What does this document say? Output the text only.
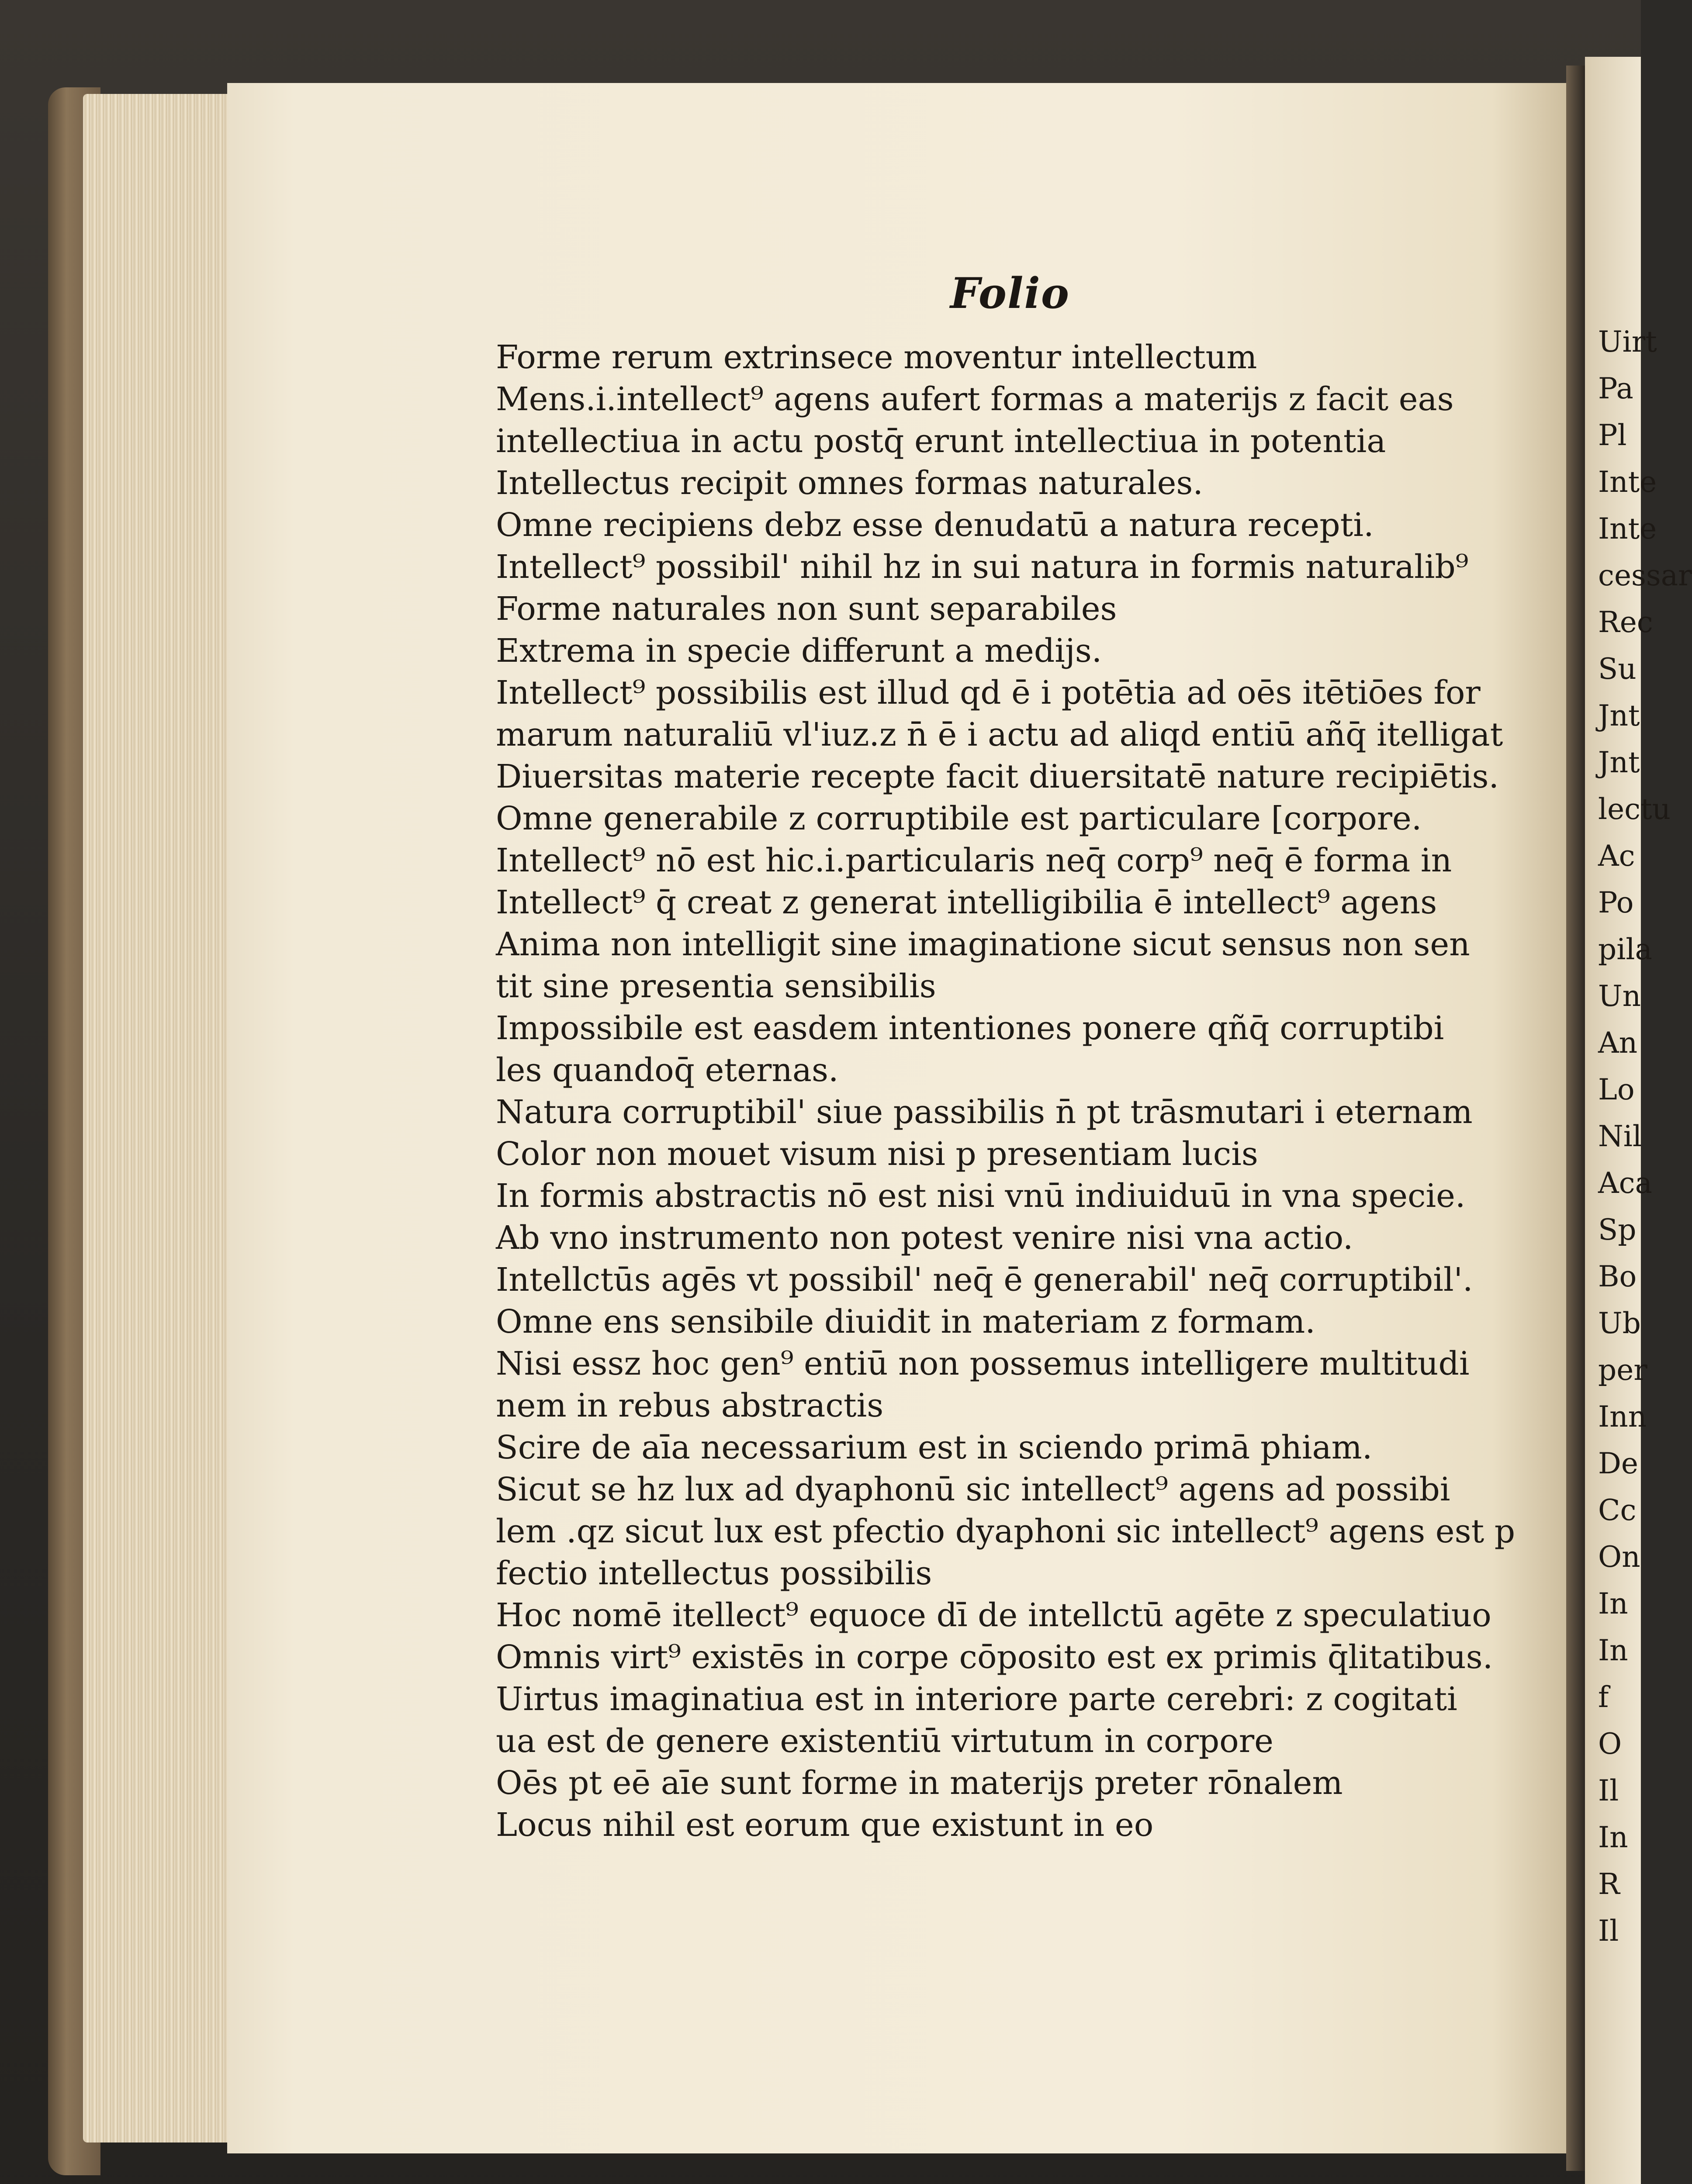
Folio
Forme rerum extrinsece moventur intellectum
Mens.i.intellect⁹ agens aufert formas a materijs z facit eas
intellectiua in actu postq̄ erunt intellectiua in potentia
Intellectus recipit omnes formas naturales.
Omne recipiens debz esse denudatū a natura recepti.
Intellect⁹ possibil' nihil hz in sui natura in formis naturalib⁹
Forme naturales non sunt separabiles
Extrema in specie differunt a medijs.
Intellect⁹ possibilis est illud qd ē i potētia ad oēs itētiōes for
marum naturaliū vl'iuz.z n̄ ē i actu ad aliqd entiū añq̄ itelligat
Diuersitas materie recepte facit diuersitatē nature recipiētis.
Omne generabile z corruptibile est particulare [corpore.
Intellect⁹ nō est hic.i.particularis neq̄ corp⁹ neq̄ ē forma in
Intellect⁹ q̄ creat z generat intelligibilia ē intellect⁹ agens
Anima non intelligit sine imaginatione sicut sensus non sen
tit sine presentia sensibilis
Impossibile est easdem intentiones ponere qñq̄ corruptibi
les quandoq̄ eternas.
Natura corruptibil' siue passibilis n̄ pt trāsmutari i eternam
Color non mouet visum nisi p presentiam lucis
In formis abstractis nō est nisi vnū indiuiduū in vna specie.
Ab vno instrumento non potest venire nisi vna actio.
Intellctūs agēs vt possibil' neq̄ ē generabil' neq̄ corruptibil'.
Omne ens sensibile diuidit in materiam z formam.
Nisi essz hoc gen⁹ entiū non possemus intelligere multitudi
nem in rebus abstractis
Scire de aīa necessarium est in sciendo primā phiam.
Sicut se hz lux ad dyaphonū sic intellect⁹ agens ad possibi
lem .qz sicut lux est pfectio dyaphoni sic intellect⁹ agens est p
fectio intellectus possibilis
Hoc nomē itellect⁹ equoce dī de intellctū agēte z speculatiuo
Omnis virt⁹ existēs in corpe cōposito est ex primis q̄litatibus.
Uirtus imaginatiua est in interiore parte cerebri: z cogitati
ua est de genere existentiū virtutum in corpore
Oēs pt eē aīe sunt forme in materijs preter rōnalem
Locus nihil est eorum que existunt in eo
Uirt
Pa
Pl
Inte
Inte
cessar
Rec
Su
Jnt
Jnt
lectu
Ac
Po
pila
Un
An
Lo
Nil
Aca
Sp
Bo
Ub
per
Inn
De
Cc
On
In
In
f
O
Il
In
R
Il
